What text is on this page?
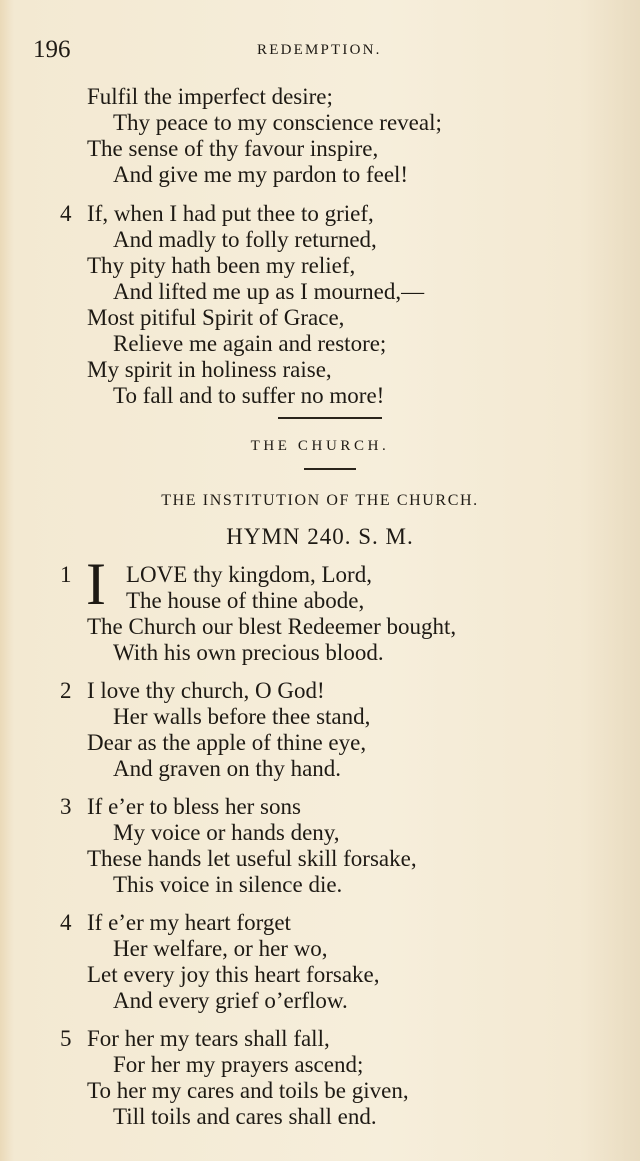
196	REDEMPTION.
Fulfil the imperfect desire;
Thy peace to my conscience reveal;
The sense of thy favour inspire,
And give me my pardon to feel!
4 If, when I had put thee to grief,
And madly to folly returned,
Thy pity hath been my relief,
And lifted me up as I mourned,—
Most pitiful Spirit of Grace,
Relieve me again and restore;
My spirit in holiness raise,
To fall and to suffer no more!
THE CHURCH.
THE INSTITUTION OF THE CHURCH.
HYMN 240. S. M.
1 I LOVE thy kingdom, Lord,
The house of thine abode,
The Church our blest Redeemer bought,
With his own precious blood.
2 I love thy church, O God!
Her walls before thee stand,
Dear as the apple of thine eye,
And graven on thy hand.
3 If e’er to bless her sons
My voice or hands deny,
These hands let useful skill forsake,
This voice in silence die.
4 If e’er my heart forget
Her welfare, or her wo,
Let every joy this heart forsake,
And every grief o’erflow.
5 For her my tears shall fall,
For her my prayers ascend;
To her my cares and toils be given,
Till toils and cares shall end.
